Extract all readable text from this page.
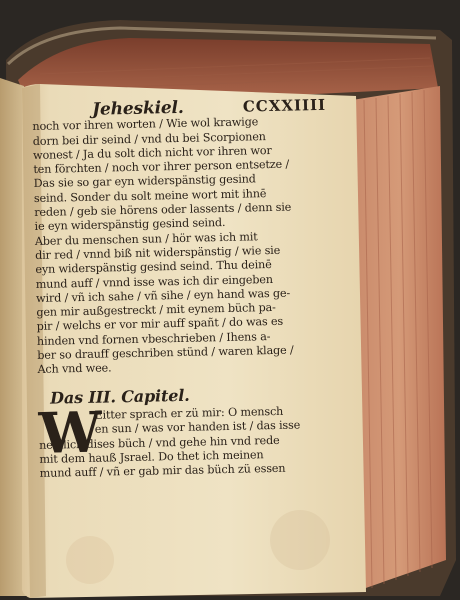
Jeheskiel.	CCXXIIII
noch vor ihren worten / Wie wol krawige
dorn bei dir seind / vnd du bei Scorpionen
wonest / Ja du solt dich nicht vor ihren wor
ten förchten / noch vor ihrer person entsetze /
Das sie so gar eyn widerspänstig gesind
seind. Sonder du solt meine wort mit ihnē
reden / geb sie hörens oder lassents / denn sie
ie eyn widerspänstig gesind seind.
Aber du menschen sun / hör was ich mit
dir red / vnnd biß nit widerspänstig / wie sie
eyn widerspänstig gesind seind. Thu deinē
mund auff / vnnd isse was ich dir eingeben
wird / vñ ich sahe / vñ sihe / eyn hand was ge-
gen mir außgestreckt / mit eynem büch pa-
pir / welchs er vor mir auff spañt / do was es
hinden vnd fornen vbeschrieben / Ihens a-
ber so drauff geschriben stünd / waren klage /
Ach vnd wee.
Das III. Capitel.
W
Eitter sprach er zü mir: O mensch
en sun / was vor handen ist / das isse
nemlich dises büch / vnd gehe hin vnd rede
mit dem hauß Jsrael. Do thet ich meinen
mund auff / vñ er gab mir das büch zü essen
